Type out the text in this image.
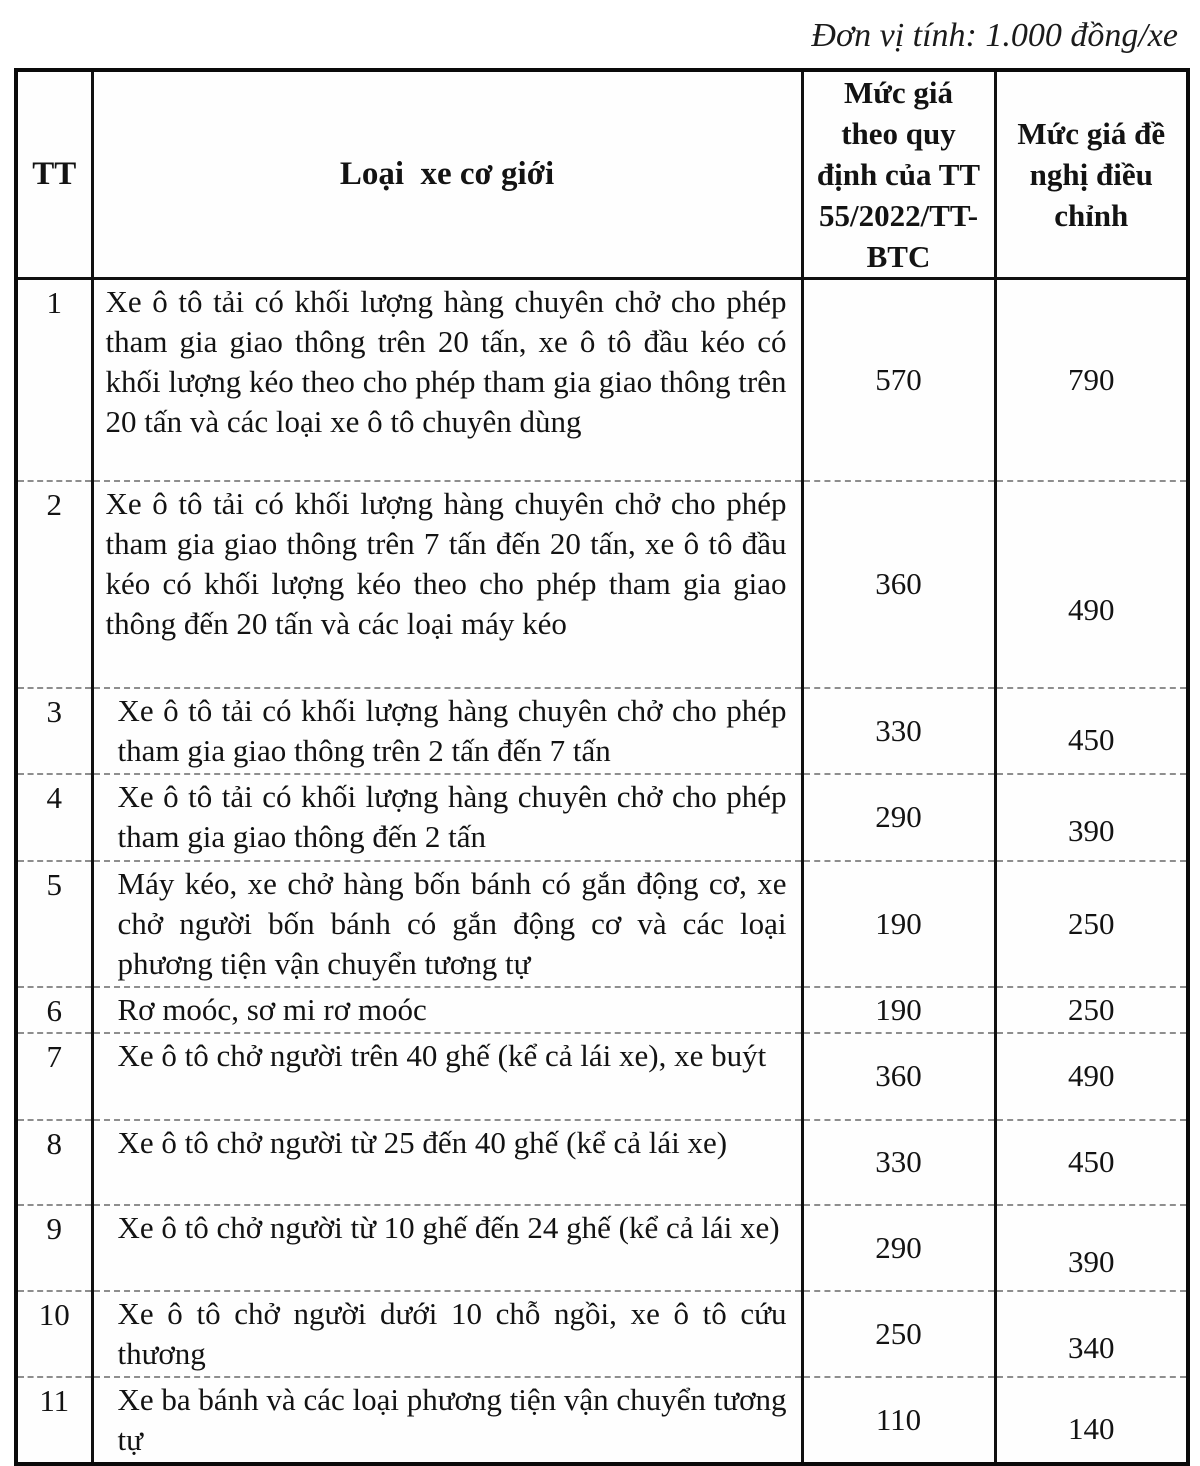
Đơn vị tính: 1.000 đồng/xe
TT	Loại  xe cơ giới	Mức giá theo quy định của TT 55/2022/TT-BTC	Mức giá đề nghị điều chỉnh
1	Xe ô tô tải có khối lượng hàng chuyên chở cho phép tham gia giao thông trên 20 tấn, xe ô tô đầu kéo có khối lượng kéo theo cho phép tham gia giao thông trên 20 tấn và các loại xe ô tô chuyên dùng	570	790
2	Xe ô tô tải có khối lượng hàng chuyên chở cho phép tham gia giao thông trên 7 tấn đến 20 tấn, xe ô tô đầu kéo có khối lượng kéo theo cho phép tham gia giao thông đến 20 tấn và các loại máy kéo	360	490
3	Xe ô tô tải có khối lượng hàng chuyên chở cho phép tham gia giao thông trên 2 tấn đến 7 tấn	330	450
4	Xe ô tô tải có khối lượng hàng chuyên chở cho phép tham gia giao thông đến 2 tấn	290	390
5	Máy kéo, xe chở hàng bốn bánh có gắn động cơ, xe chở người bốn bánh có gắn động cơ và các loại phương tiện vận chuyển tương tự	190	250
6	Rơ moóc, sơ mi rơ moóc	190	250
7	Xe ô tô chở người trên 40 ghế (kể cả lái xe), xe buýt	360	490
8	Xe ô tô chở người từ 25 đến 40 ghế (kể cả lái xe)	330	450
9	Xe ô tô chở người từ 10 ghế đến 24 ghế (kể cả lái xe)	290	390
10	Xe ô tô chở người dưới 10 chỗ ngồi, xe ô tô cứu thương	250	340
11	Xe ba bánh và các loại phương tiện vận chuyển tương tự	110	140
